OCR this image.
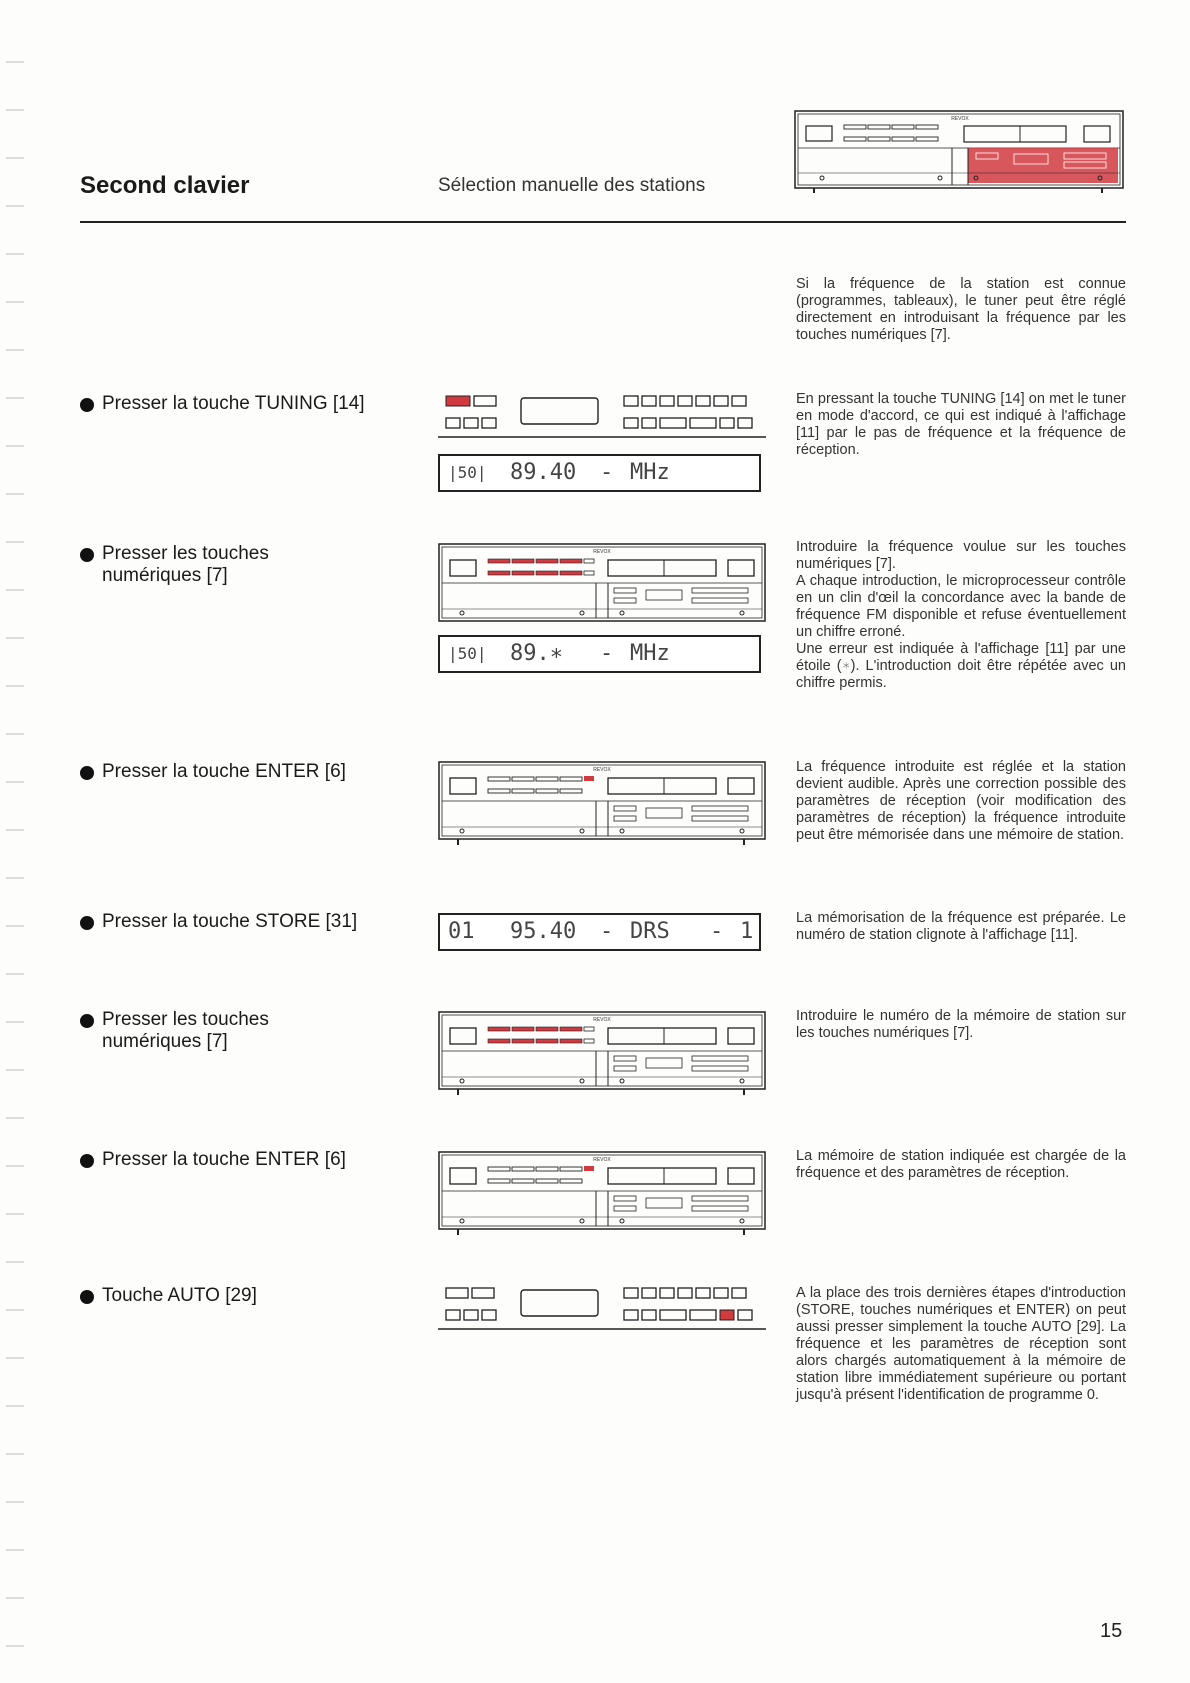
Second clavier	Sélection manuelle des stations
REVOX
Si la fréquence de la station est connue (programmes, tableaux), le tuner peut être réglé directement en introduisant la fréquence par les touches numériques [7].
Presser la touche TUNING [14]

|50|

89.40

-

MHz

En pressant la touche TUNING [14] on met le tuner en mode d'accord, ce qui est indiqué à l'affichage [11] par le pas de fréquence et la fréquence de réception.
Presser les touches
numériques [7]
REVOX

|50|

89.∗

-

MHz

Introduire la fréquence voulue sur les touches numériques [7].
A chaque introduction, le microprocesseur contrôle en un clin d'œil la concordance avec la bande de fréquence FM disponible et refuse éventuellement un chiffre erroné.
Une erreur est indiquée à l'affichage [11] par une étoile (∗). L'introduction doit être répétée avec un chiffre permis.
Presser la touche ENTER [6]	REVOX	La fréquence introduite est réglée et la station devient audible. Après une correction possible des paramètres de réception (voir modification des paramètres de réception) la fréquence introduite peut être mémorisée dans une mémoire de station.
Presser la touche STORE [31]

	01

95.40

-

DRS

-

1

La mémorisation de la fréquence est préparée. Le numéro de station clignote à l'affichage [11].
Presser les touches
numériques [7]
REVOX	Introduire le numéro de la mémoire de station sur les touches numériques [7].
Presser la touche ENTER [6]	REVOX	La mémoire de station indiquée est chargée de la fréquence et des paramètres de réception.
Touche AUTO [29]	A la place des trois dernières étapes d'introduction (STORE, touches numériques et ENTER) on peut aussi presser simplement la touche AUTO [29]. La fréquence et les paramètres de réception sont alors chargés automatiquement à la mémoire de station libre immédiatement supérieure ou portant jusqu'à présent l'identification de programme 0.
15
